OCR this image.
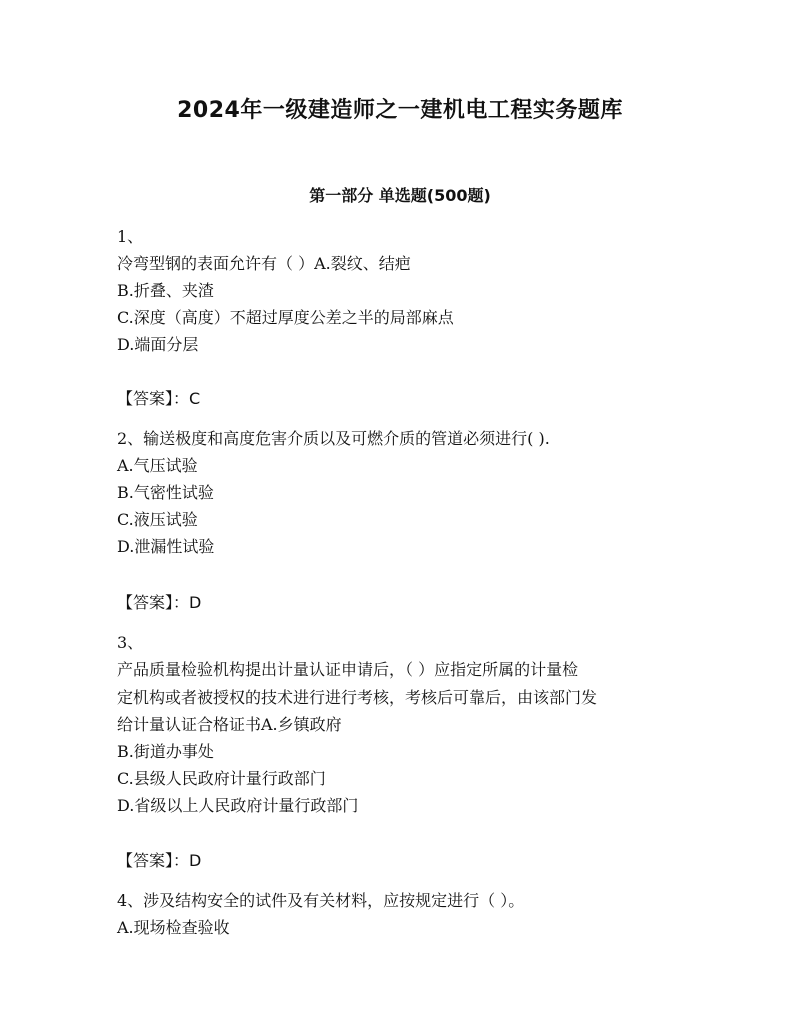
2024年一级建造师之一建机电工程实务题库
第一部分 单选题(500题)
1、
冷弯型钢的表面允许有（ ）A.裂纹、结疤
B.折叠、夹渣
C.深度（高度）不超过厚度公差之半的局部麻点
D.端面分层
【答案】：C
2、输送极度和高度危害介质以及可燃介质的管道必须进行( ).
A.气压试验
B.气密性试验
C.液压试验
D.泄漏性试验
【答案】：D
3、
产品质量检验机构提出计量认证申请后，（ ）应指定所属的计量检
定机构或者被授权的技术进行进行考核，考核后可靠后，由该部门发
给计量认证合格证书A.乡镇政府
B.街道办事处
C.县级人民政府计量行政部门
D.省级以上人民政府计量行政部门
【答案】：D
4、涉及结构安全的试件及有关材料，应按规定进行（ ）。
A.现场检查验收
